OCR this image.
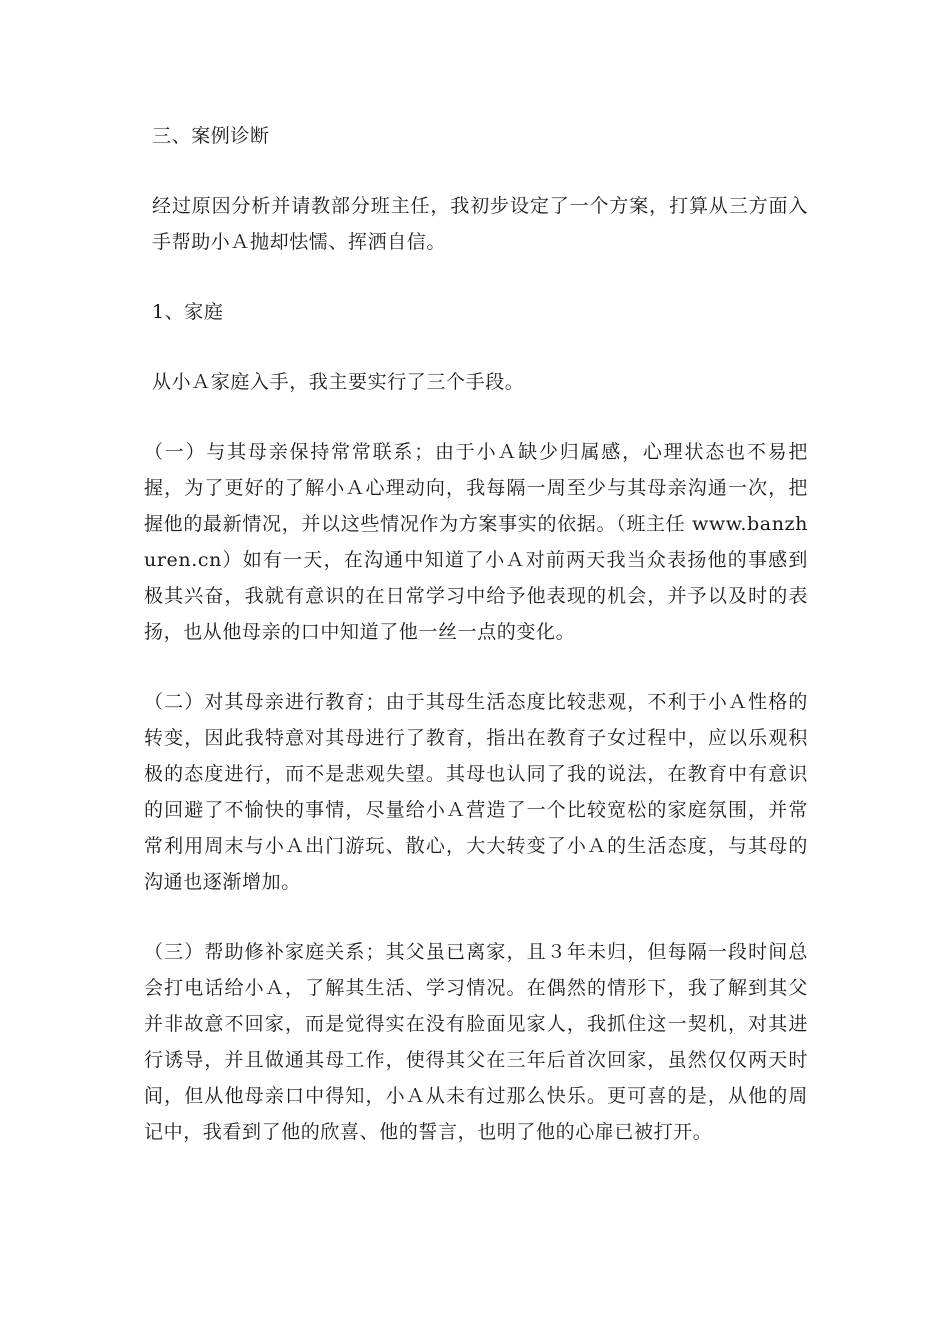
三、案例诊断

经过原因分析并请教部分班主任，我初步设定了一个方案，打算从三方面入手帮助小Ａ抛却怯懦、挥洒自信。

1、家庭

从小Ａ家庭入手，我主要实行了三个手段。

（一）与其母亲保持常常联系；由于小Ａ缺少归属感，心理状态也不易把握，为了更好的了解小Ａ心理动向，我每隔一周至少与其母亲沟通一次，把握他的最新情况，并以这些情况作为方案事实的依据。（班主任 www.banzhuren.cn）如有一天，在沟通中知道了小Ａ对前两天我当众表扬他的事感到极其兴奋，我就有意识的在日常学习中给予他表现的机会，并予以及时的表扬，也从他母亲的口中知道了他一丝一点的变化。

（二）对其母亲进行教育；由于其母生活态度比较悲观，不利于小Ａ性格的转变，因此我特意对其母进行了教育，指出在教育子女过程中，应以乐观积极的态度进行，而不是悲观失望。其母也认同了我的说法，在教育中有意识的回避了不愉快的事情，尽量给小Ａ营造了一个比较宽松的家庭氛围，并常常利用周末与小Ａ出门游玩、散心，大大转变了小Ａ的生活态度，与其母的沟通也逐渐增加。

（三）帮助修补家庭关系；其父虽已离家，且３年未归，但每隔一段时间总会打电话给小Ａ，了解其生活、学习情况。在偶然的情形下，我了解到其父并非故意不回家，而是觉得实在没有脸面见家人，我抓住这一契机，对其进行诱导，并且做通其母工作，使得其父在三年后首次回家，虽然仅仅两天时间，但从他母亲口中得知，小Ａ从未有过那么快乐。更可喜的是，从他的周记中，我看到了他的欣喜、他的誓言，也明了他的心扉已被打开。
